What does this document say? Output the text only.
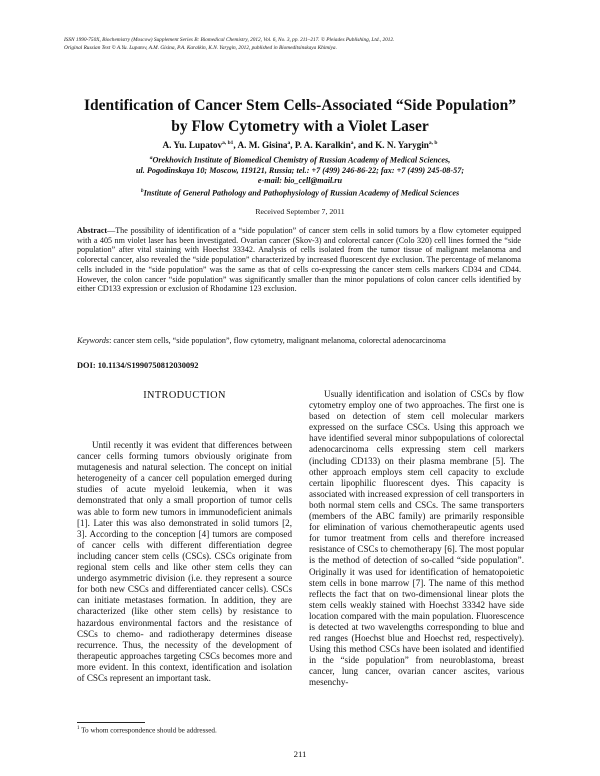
ISSN 1990-750X, Biochemistry (Moscow) Supplement Series B: Biomedical Chemistry, 2012, Vol. 6, No. 3, pp. 211–217. © Pleiades Publishing, Ltd., 2012.
Original Russian Text © A.Yu. Lupatov, A.M. Gisina, P.A. Karalkin, K.N. Yarygin, 2012, published in Biomeditsinskaya Khimiya.
Identification of Cancer Stem Cells-Associated “Side Population”
by Flow Cytometry with a Violet Laser
A. Yu. Lupatov$^{a, b1}$, A. M. Gisina$^a$, P. A. Karalkin$^a$, and K. N. Yarygin$^{a, b}$
$^a$Orekhovich Institute of Biomedical Chemistry of Russian Academy of Medical Sciences,
ul. Pogodinskaya 10; Moscow, 119121, Russia; tel.: +7 (499) 246-86-22; fax: +7 (499) 245-08-57;
e-mail: bio_cell@mail.ru
$^b$Institute of General Pathology and Pathophysiology of Russian Academy of Medical Sciences
Received September 7, 2011

Abstract—The possibility of identification of a “side population” of cancer stem cells in solid tumors by a flow cytometer equipped with a 405 nm violet laser has been investigated. Ovarian cancer (Skov-3) and colorectal cancer (Colo 320) cell lines formed the “side population” after vital staining with Hoechst 33342. Analysis of cells isolated from the tumor tissue of malignant melanoma and colorectal cancer, also revealed the “side population” characterized by increased fluorescent dye exclusion. The percentage of melanoma cells included in the “side population” was the same as that of cells co-expressing the cancer stem cells markers CD34 and CD44. However, the colon cancer “side population” was significantly smaller than the minor populations of colon cancer cells identified by either CD133 expression or exclusion of Rhodamine 123 exclusion.

Keywords: cancer stem cells, “side population”, flow cytometry, malignant melanoma, colorectal adenocarcinoma

DOI: 10.1134/S1990750812030092
INTRODUCTION

Until recently it was evident that differences between cancer cells forming tumors obviously originate from mutagenesis and natural selection. The concept on initial heterogeneity of a cancer cell population emerged during studies of acute myeloid leukemia, when it was demonstrated that only a small proportion of tumor cells was able to form new tumors in immunodeficient animals [1]. Later this was also demonstrated in solid tumors [2, 3]. According to the conception [4] tumors are composed of cancer cells with different differentiation degree including cancer stem cells (CSCs). CSCs originate from regional stem cells and like other stem cells they can undergo asymmetric division (i.e. they represent a source for both new CSCs and differentiated cancer cells). CSCs can initiate metastases formation. In addition, they are characterized (like other stem cells) by resistance to hazardous environmental factors and the resistance of CSCs to chemo- and radiotherapy determines disease recurrence. Thus, the necessity of the development of therapeutic approaches targeting CSCs becomes more and more evident. In this context, identification and isolation of CSCs represent an important task.

Usually identification and isolation of CSCs by flow cytometry employ one of two approaches. The first one is based on detection of stem cell molecular markers expressed on the surface CSCs. Using this approach we have identified several minor subpopulations of colorectal adenocarcinoma cells expressing stem cell markers (including CD133) on their plasma membrane [5]. The other approach employs stem cell capacity to exclude certain lipophilic fluorescent dyes. This capacity is associated with increased expression of cell transporters in both normal stem cells and CSCs. The same transporters (members of the ABC family) are primarily responsible for elimination of various chemotherapeutic agents used for tumor treatment from cells and therefore increased resistance of CSCs to chemotherapy [6]. The most popular is the method of detection of so-called “side population”. Originally it was used for identification of hematopoietic stem cells in bone marrow [7]. The name of this method reflects the fact that on two-dimensional linear plots the stem cells weakly stained with Hoechst 33342 have side location compared with the main population. Fluorescence is detected at two wavelengths corresponding to blue and red ranges (Hoechst blue and Hoechst red, respectively). Using this method CSCs have been isolated and identified in the “side population” from neuroblastoma, breast cancer, lung cancer, ovarian cancer ascites, various mesenchy-

$^1$ To whom correspondence should be addressed.
211
